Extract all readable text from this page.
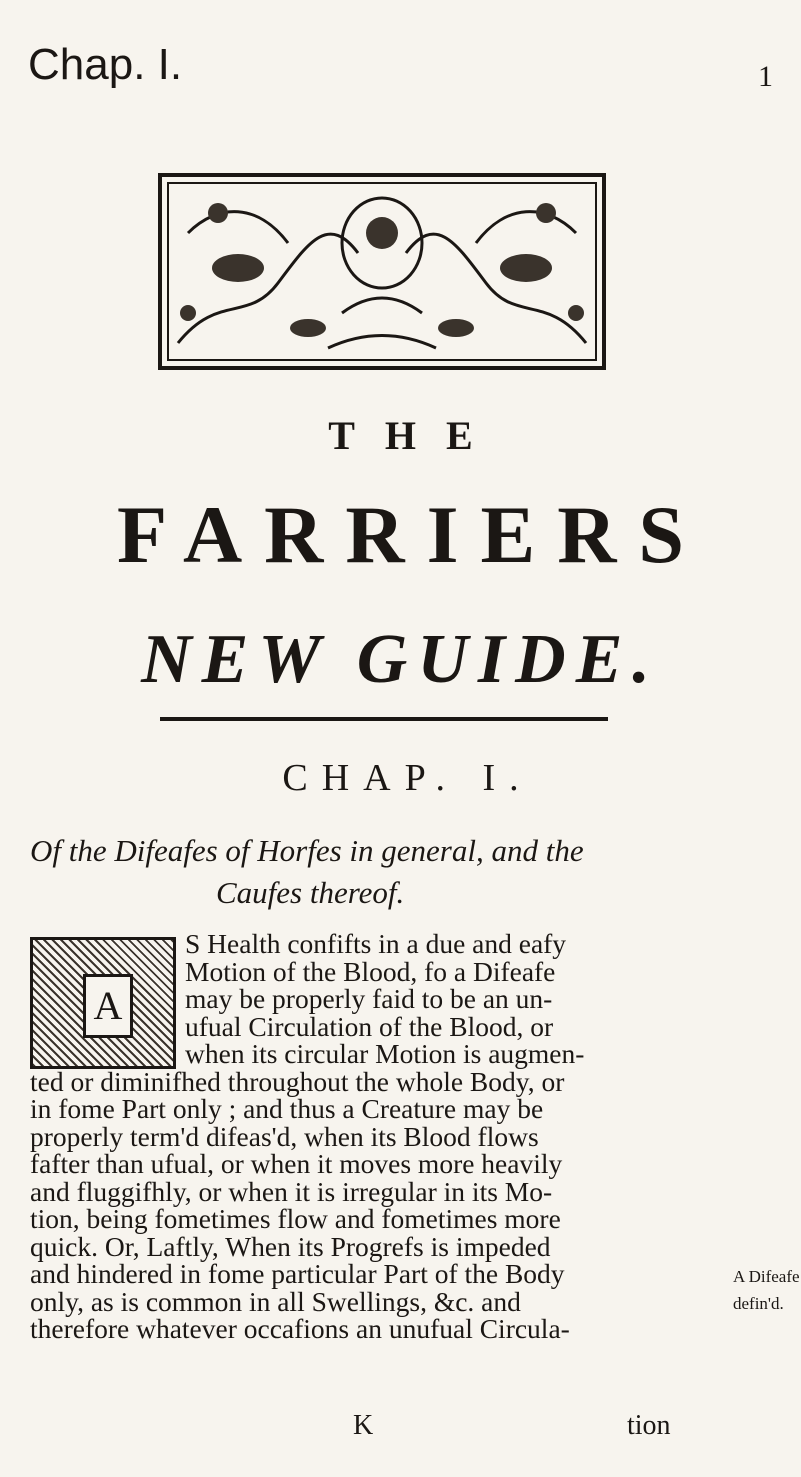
Chap. I.	1
THE
FARRIERS
NEW GUIDE.
CHAP. I.
Of the Difeafes of Horfes in general, and the
Caufes thereof.
A
S Health confifts in a due and eafy
Motion of the Blood, fo a Difeafe
may be properly faid to be an un-
ufual Circulation of the Blood, or
when its circular Motion is augmen-
ted or diminifhed throughout the whole Body, or
in fome Part only ; and thus a Creature may be
properly term'd difeas'd, when its Blood flows
fafter than ufual, or when it moves more heavily
and fluggifhly, or when it is irregular in its Mo-
tion, being fometimes flow and fometimes more
quick. Or, Laftly, When its Progrefs is impeded
and hindered in fome particular Part of the Body
only, as is common in all Swellings, &c. and
therefore whatever occafions an unufual Circula-
K	tion
A Difeafe
defin'd.
